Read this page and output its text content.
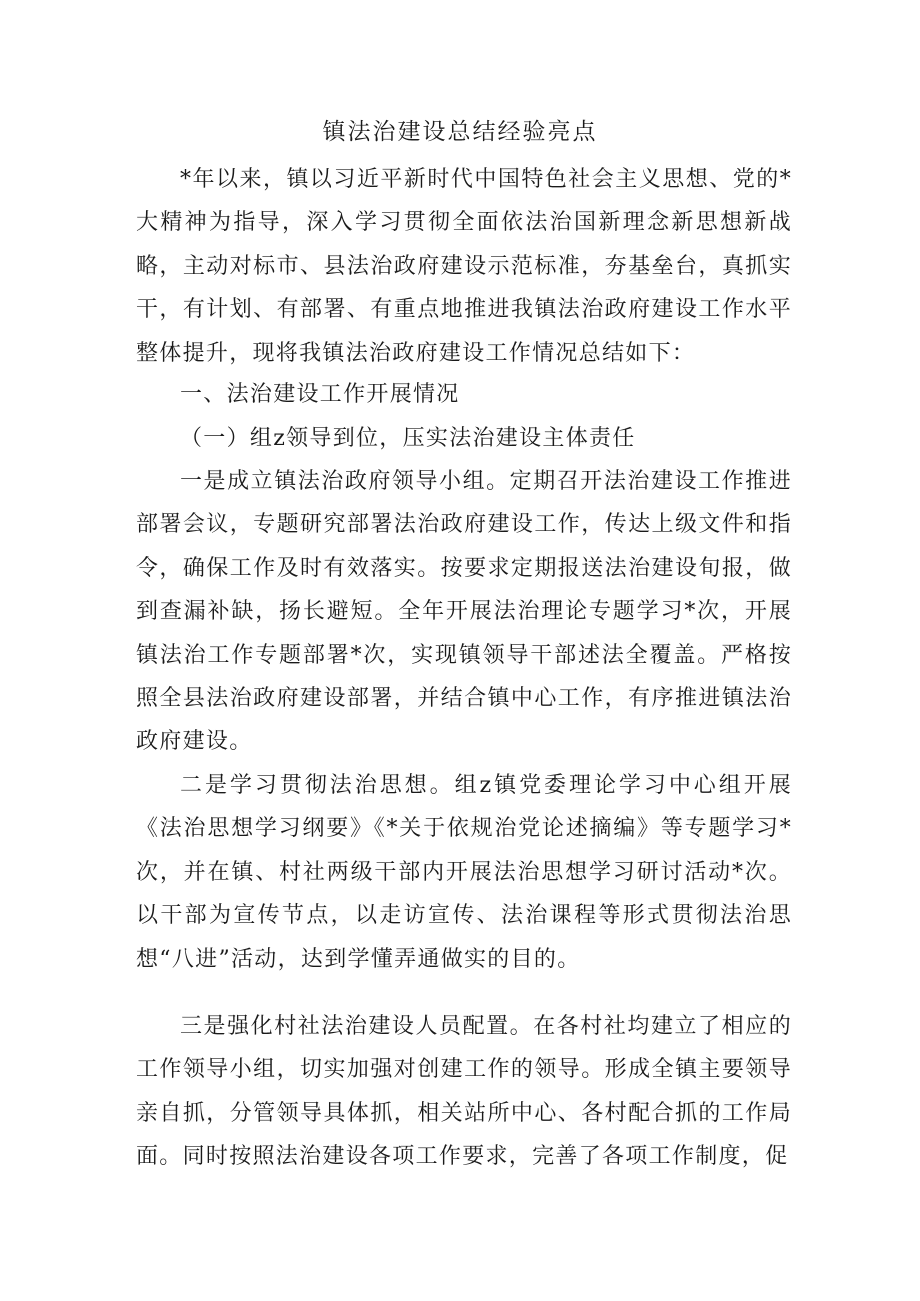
镇法治建设总结经验亮点
*年以来，镇以习近平新时代中国特色社会主义思想、党的*大精神为指导，深入学习贯彻全面依法治国新理念新思想新战略，主动对标市、县法治政府建设示范标准，夯基垒台，真抓实干，有计划、有部署、有重点地推进我镇法治政府建设工作水平整体提升，现将我镇法治政府建设工作情况总结如下：
一、法治建设工作开展情况
（一）组z领导到位，压实法治建设主体责任
一是成立镇法治政府领导小组。定期召开法治建设工作推进部署会议，专题研究部署法治政府建设工作，传达上级文件和指令，确保工作及时有效落实。按要求定期报送法治建设旬报，做到查漏补缺，扬长避短。全年开展法治理论专题学习*次，开展镇法治工作专题部署*次，实现镇领导干部述法全覆盖。严格按照全县法治政府建设部署，并结合镇中心工作，有序推进镇法治政府建设。
二是学习贯彻法治思想。组z镇党委理论学习中心组开展《法治思想学习纲要》《*关于依规治党论述摘编》等专题学习*次，并在镇、村社两级干部内开展法治思想学习研讨活动*次。以干部为宣传节点，以走访宣传、法治课程等形式贯彻法治思想“八进”活动，达到学懂弄通做实的目的。
三是强化村社法治建设人员配置。在各村社均建立了相应的工作领导小组，切实加强对创建工作的领导。形成全镇主要领导亲自抓，分管领导具体抓，相关站所中心、各村配合抓的工作局面。同时按照法治建设各项工作要求，完善了各项工作制度，促
